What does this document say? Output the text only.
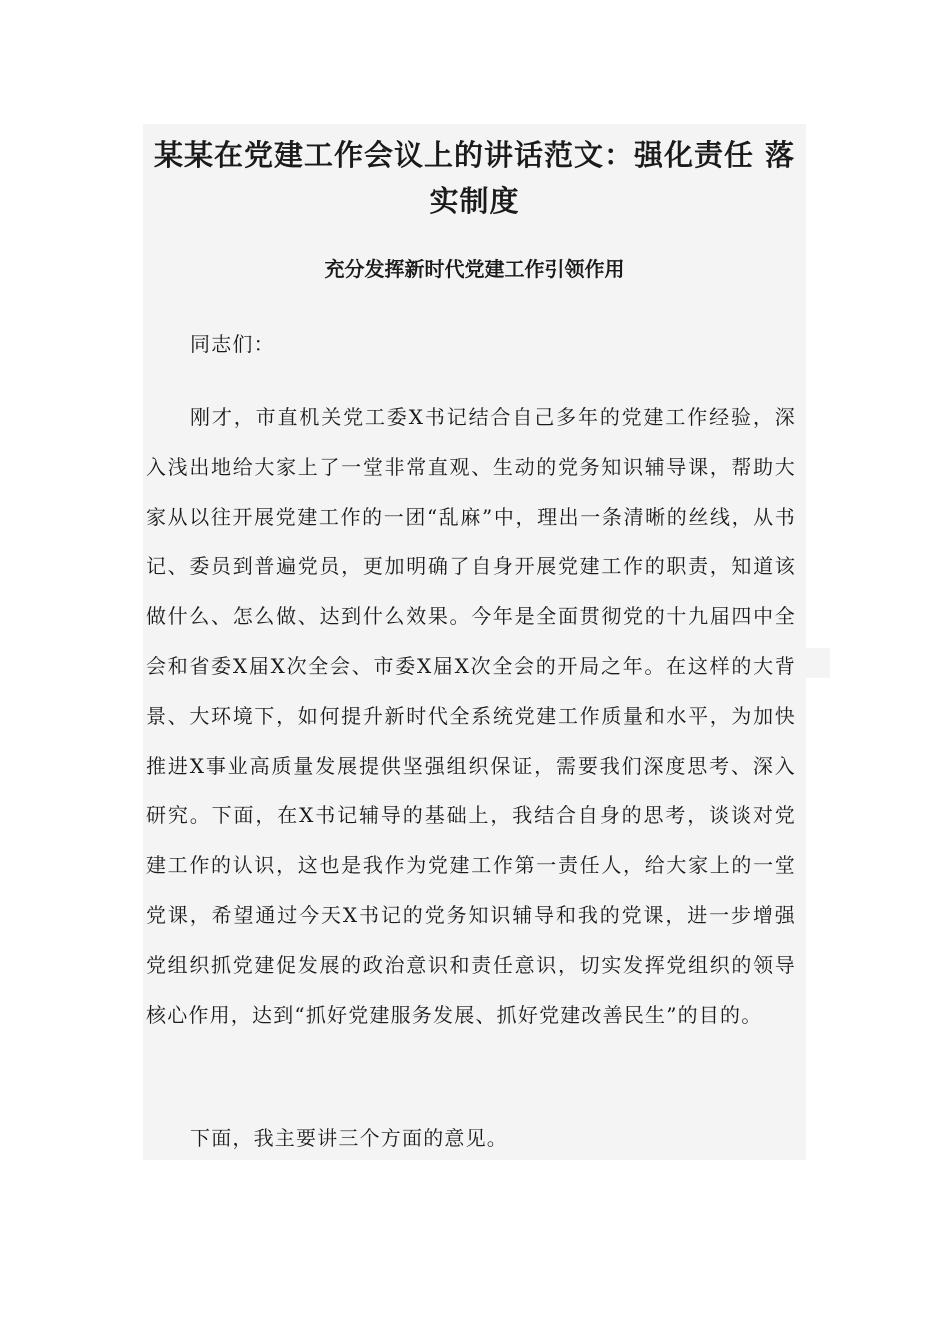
某某在党建工作会议上的讲话范文：强化责任 落实制度
充分发挥新时代党建工作引领作用

同志们：

刚才，市直机关党工委X书记结合自己多年的党建工作经验，深入浅出地给大家上了一堂非常直观、生动的党务知识辅导课，帮助大家从以往开展党建工作的一团“乱麻”中，理出一条清晰的丝线，从书记、委员到普遍党员，更加明确了自身开展党建工作的职责，知道该做什么、怎么做、达到什么效果。今年是全面贯彻党的十九届四中全会和省委X届X次全会、市委X届X次全会的开局之年。在这样的大背景、大环境下，如何提升新时代全系统党建工作质量和水平，为加快推进X事业高质量发展提供坚强组织保证，需要我们深度思考、深入研究。下面，在X书记辅导的基础上，我结合自身的思考，谈谈对党建工作的认识，这也是我作为党建工作第一责任人，给大家上的一堂党课，希望通过今天X书记的党务知识辅导和我的党课，进一步增强党组织抓党建促发展的政治意识和责任意识，切实发挥党组织的领导核心作用，达到“抓好党建服务发展、抓好党建改善民生”的目的。

下面，我主要讲三个方面的意见。
